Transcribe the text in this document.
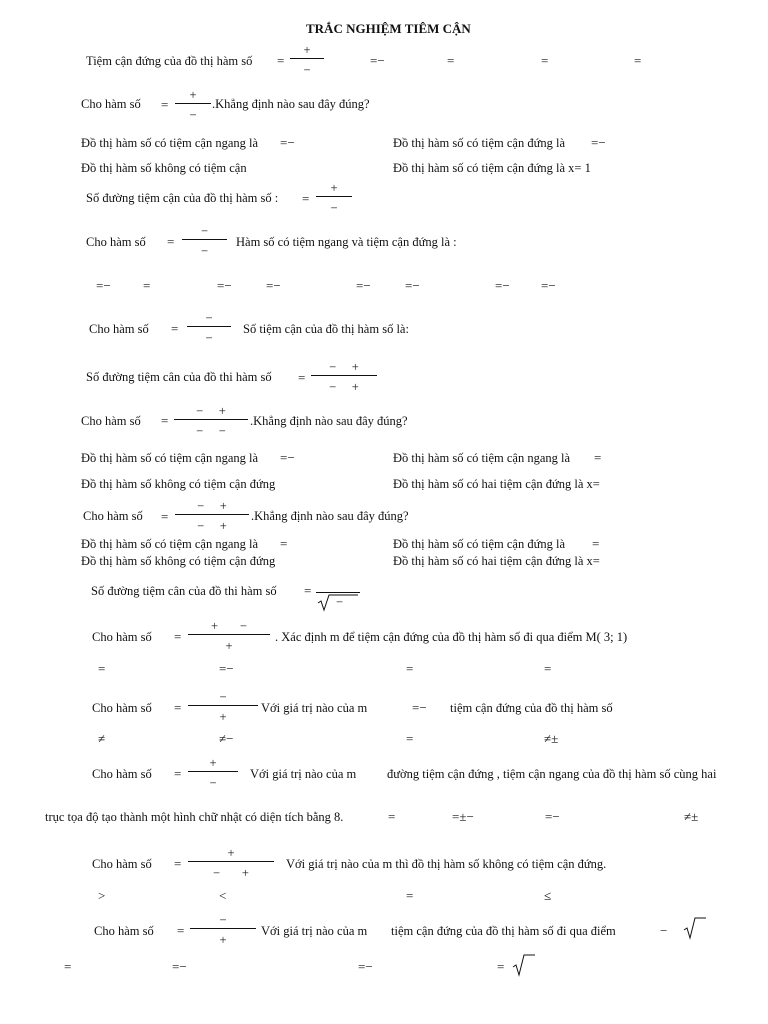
TRẮC NGHIỆM TIÊM CẬN
Tiệm cận đứng của đồ thị hàm số =
+
−
=−	=	=	=
Cho hàm số =
+
−
.Khẳng định nào sau đây đúng?
Đồ thị hàm số có tiệm cận ngang là =−	Đồ thị hàm số có tiệm cận đứng là =−
Đồ thị hàm số không có tiệm cận	Đồ thị hàm số có tiệm cận đứng là x= 1
Số đường tiệm cận của đồ thị hàm số : =
+
−
Cho hàm số =
−
−
Hàm số có tiệm ngang và tiệm cận đứng là :
=− =	=−	=−	=−	=−	=− =−
Cho hàm số =
−
−
Số tiệm cận của đồ thị hàm số là:
Số đường tiệm cân của đồ thi hàm số =
−     +
−     +
Cho hàm số =
−     +
−     −
.Khẳng định nào sau đây đúng?
Đồ thị hàm số có tiệm cận ngang là =−	Đồ thị hàm số có tiệm cận ngang là =
Đồ thị hàm số không có tiệm cận đứng	Đồ thị hàm số có hai tiệm cận đứng là x=
Cho hàm số =
−     +
−     +
.Khẳng định nào sau đây đúng?
Đồ thị hàm số có tiệm cận ngang là =	Đồ thị hàm số có tiệm cận đứng là =
Đồ thị hàm số không có tiệm cận đứng	Đồ thị hàm số có hai tiệm cận đứng là x=
Số đường tiệm cân của đồ thi hàm số =
−
Cho hàm số =
+       −
+
. Xác định m để tiệm cận đứng của đồ thị hàm số đi qua điểm M( 3; 1)
=	=−	=	=
Cho hàm số =
−
+
Với giá trị nào của m	=− tiệm cận đứng của đồ thị hàm số
≠	≠−	=	≠±
Cho hàm số =
+
−
Với giá trị nào của m đường tiệm cận đứng , tiệm cận ngang của đồ thị hàm số cùng hai
trục tọa độ tạo thành một hình chữ nhật có diện tích bằng 8.	=	=±−	=−	≠±
Cho hàm số =
+
−       +
Với giá trị nào của m thì đồ thị hàm số không có tiệm cận đứng.
>	<	=	≤
Cho hàm số =
−
+
Với giá trị nào của m tiệm cận đứng của đồ thị hàm số đi qua điểm	−
=	=−	=−	=
